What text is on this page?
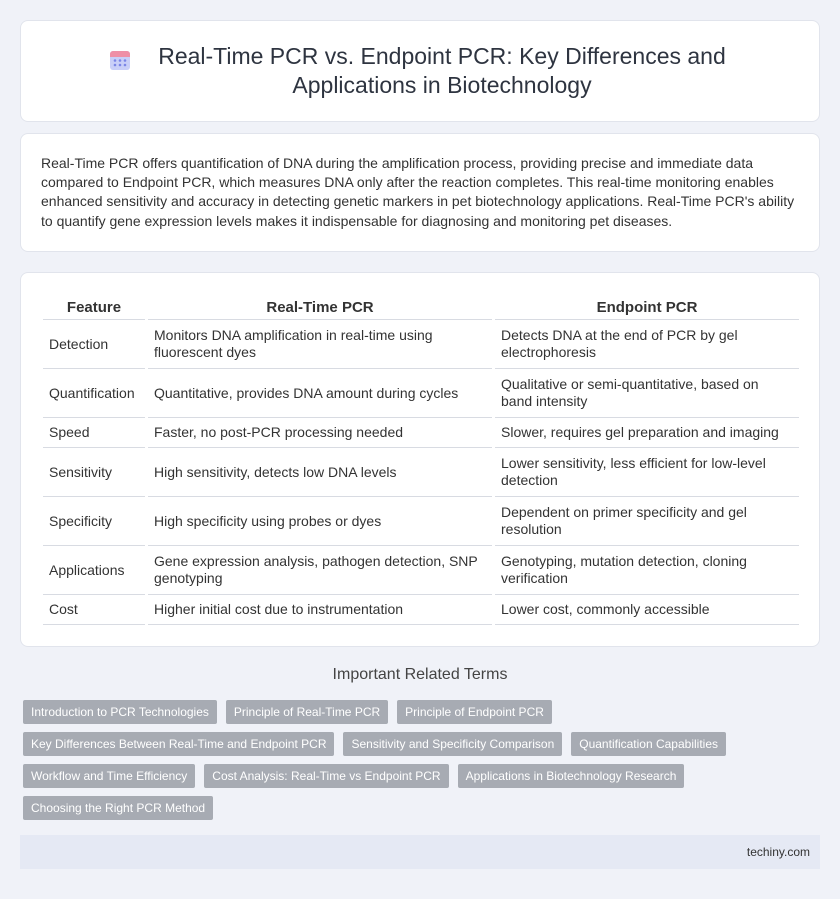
Real-Time PCR vs. Endpoint PCR: Key Differences and Applications in Biotechnology

Real-Time PCR offers quantification of DNA during the amplification process, providing precise and immediate data compared to Endpoint PCR, which measures DNA only after the reaction completes. This real-time monitoring enables enhanced sensitivity and accuracy in detecting genetic markers in pet biotechnology applications. Real-Time PCR's ability to quantify gene expression levels makes it indispensable for diagnosing and monitoring pet diseases.

Feature		Real-Time PCR		Endpoint PCR
Detection		Monitors DNA amplification in real-time using fluorescent dyes		Detects DNA at the end of PCR by gel electrophoresis
Quantification		Quantitative, provides DNA amount during cycles		Qualitative or semi-quantitative, based on band intensity
Speed		Faster, no post-PCR processing needed		Slower, requires gel preparation and imaging
Sensitivity		High sensitivity, detects low DNA levels		Lower sensitivity, less efficient for low-level detection
Specificity		High specificity using probes or dyes		Dependent on primer specificity and gel resolution
Applications		Gene expression analysis, pathogen detection, SNP genotyping		Genotyping, mutation detection, cloning verification
Cost		Higher initial cost due to instrumentation		Lower cost, commonly accessible
Important Related Terms
Introduction to PCR Technologies	Principle of Real-Time PCR	Principle of Endpoint PCR
Key Differences Between Real-Time and Endpoint PCR	Sensitivity and Specificity Comparison	Quantification Capabilities
Workflow and Time Efficiency	Cost Analysis: Real-Time vs Endpoint PCR	Applications in Biotechnology Research
Choosing the Right PCR Method
techiny.com
